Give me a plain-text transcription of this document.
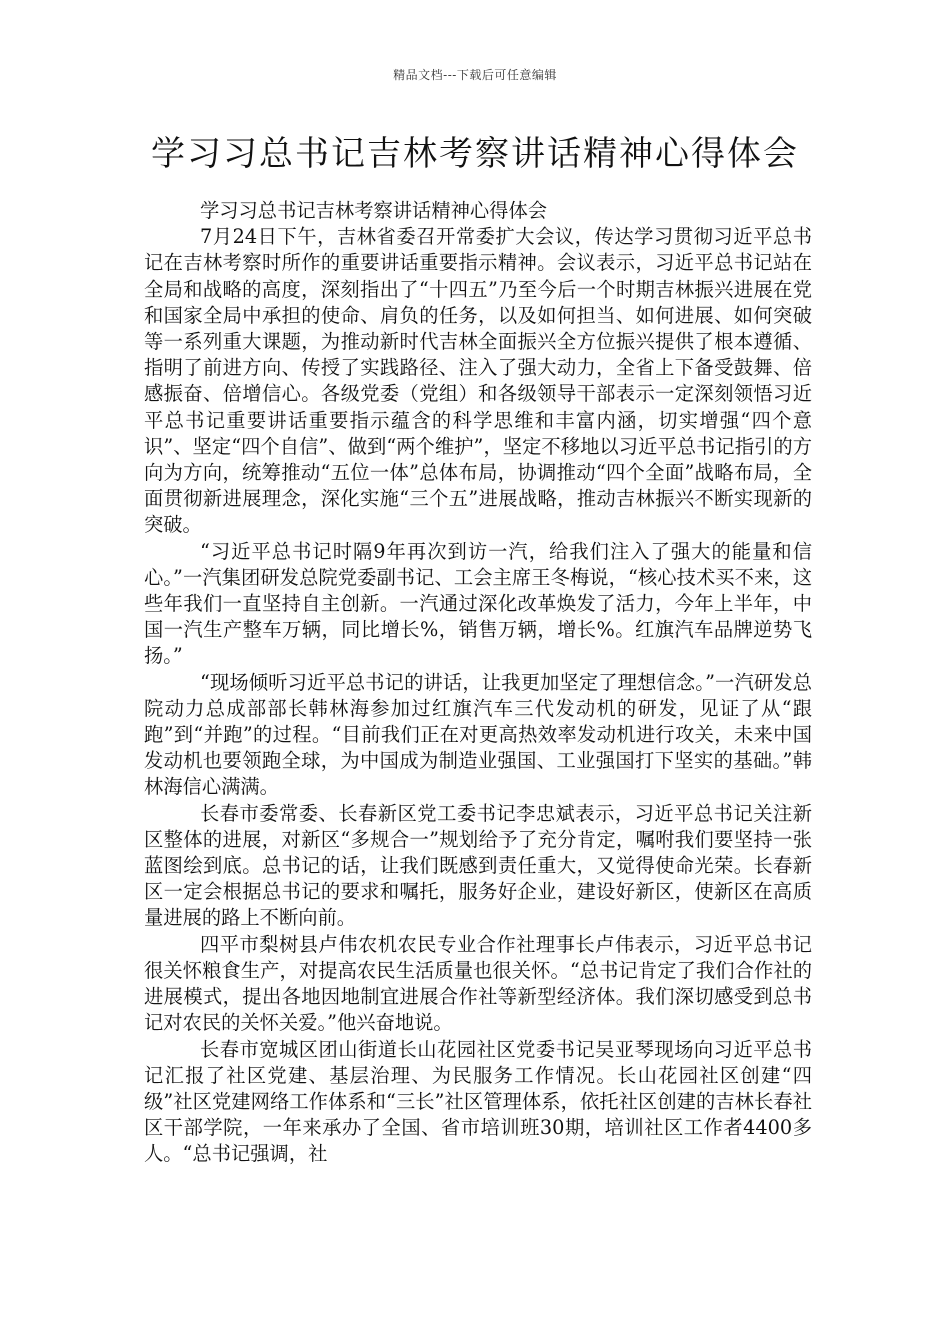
精品文档---下载后可任意编辑
学习习总书记吉林考察讲话精神心得体会

学习习总书记吉林考察讲话精神心得体会

7月24日下午，吉林省委召开常委扩大会议，传达学习贯彻习近平总书记在吉林考察时所作的重要讲话重要指示精神。会议表示，习近平总书记站在全局和战略的高度，深刻指出了“十四五”乃至今后一个时期吉林振兴进展在党和国家全局中承担的使命、肩负的任务，以及如何担当、如何进展、如何突破等一系列重大课题，为推动新时代吉林全面振兴全方位振兴提供了根本遵循、指明了前进方向、传授了实践路径、注入了强大动力，全省上下备受鼓舞、倍感振奋、倍增信心。各级党委（党组）和各级领导干部表示一定深刻领悟习近平总书记重要讲话重要指示蕴含的科学思维和丰富内涵，切实增强“四个意识”、坚定“四个自信”、做到“两个维护”，坚定不移地以习近平总书记指引的方向为方向，统筹推动“五位一体”总体布局，协调推动“四个全面”战略布局，全面贯彻新进展理念，深化实施“三个五”进展战略，推动吉林振兴不断实现新的突破。

“习近平总书记时隔9年再次到访一汽，给我们注入了强大的能量和信心。”一汽集团研发总院党委副书记、工会主席王冬梅说，“核心技术买不来，这些年我们一直坚持自主创新。一汽通过深化改革焕发了活力，今年上半年，中国一汽生产整车万辆，同比增长%，销售万辆，增长%。红旗汽车品牌逆势飞扬。”

“现场倾听习近平总书记的讲话，让我更加坚定了理想信念。”一汽研发总院动力总成部部长韩林海参加过红旗汽车三代发动机的研发，见证了从“跟跑”到“并跑”的过程。“目前我们正在对更高热效率发动机进行攻关，未来中国发动机也要领跑全球，为中国成为制造业强国、工业强国打下坚实的基础。”韩林海信心满满。

长春市委常委、长春新区党工委书记李忠斌表示，习近平总书记关注新区整体的进展，对新区“多规合一”规划给予了充分肯定，嘱咐我们要坚持一张蓝图绘到底。总书记的话，让我们既感到责任重大，又觉得使命光荣。长春新区一定会根据总书记的要求和嘱托，服务好企业，建设好新区，使新区在高质量进展的路上不断向前。

四平市梨树县卢伟农机农民专业合作社理事长卢伟表示，习近平总书记很关怀粮食生产，对提高农民生活质量也很关怀。“总书记肯定了我们合作社的进展模式，提出各地因地制宜进展合作社等新型经济体。我们深切感受到总书记对农民的关怀关爱。”他兴奋地说。

长春市宽城区团山街道长山花园社区党委书记吴亚琴现场向习近平总书记汇报了社区党建、基层治理、为民服务工作情况。长山花园社区创建“四级”社区党建网络工作体系和“三长”社区管理体系，依托社区创建的吉林长春社区干部学院，一年来承办了全国、省市培训班30期，培训社区工作者4400多人。“总书记强调，社
